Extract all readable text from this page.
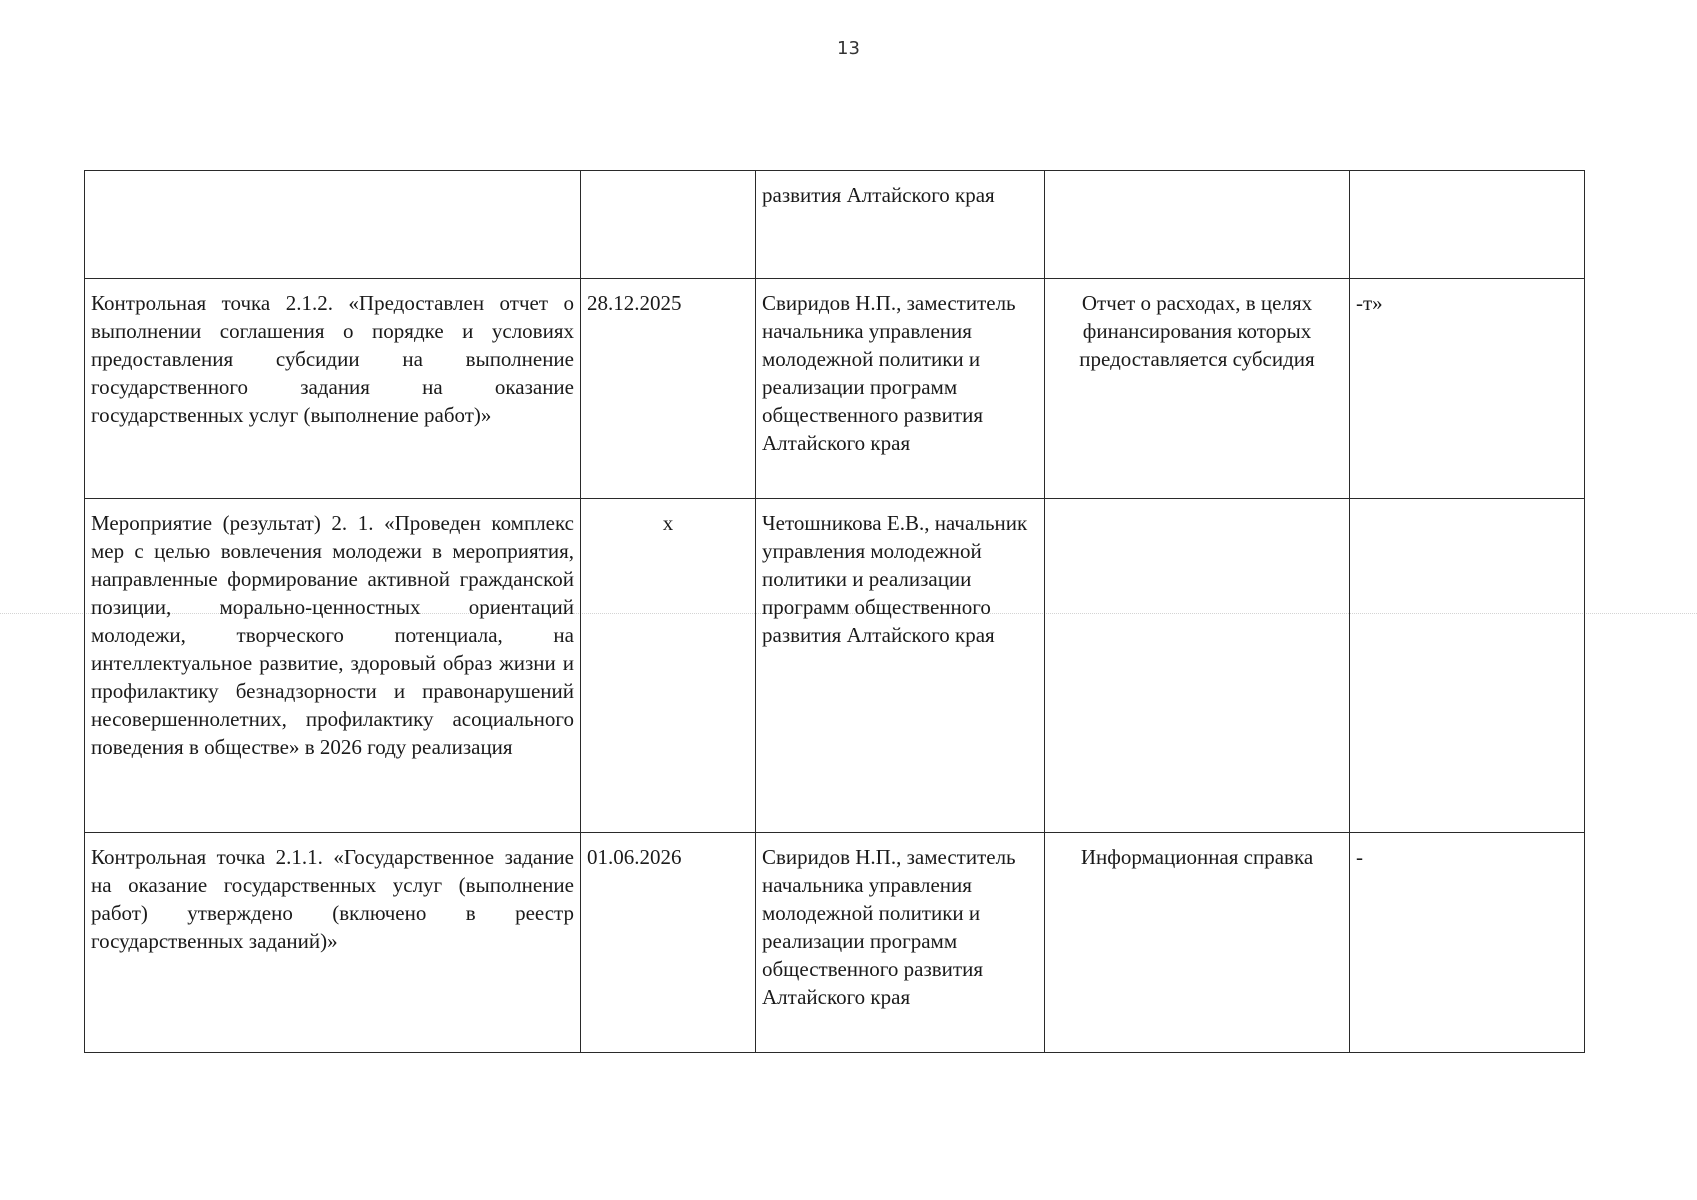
13
		развития Алтайского края		
Контрольная точка 2.1.2. «Предоставлен отчет о выполнении соглашения о порядке и условиях предоставления субсидии на выполнение государственного задания на оказание государственных услуг (выполнение работ)»	28.12.2025	Свиридов Н.П., заместитель начальника управления молодежной политики и реализации программ общественного развития Алтайского края	Отчет о расходах, в целях финансирования которых предоставляется субсидия	-т»
Мероприятие (результат) 2. 1. «Проведен комплекс мер с целью вовлечения молодежи в мероприятия, направленные формирование активной гражданской позиции, морально-ценностных ориентаций молодежи, творческого потенциала, на интеллектуальное развитие, здоровый образ жизни и профилактику безнадзорности и правонарушений несовершеннолетних, профилактику асоциального поведения в обществе» в 2026 году реализация	х	Четошникова Е.В., начальник управления молодежной политики и реализации программ общественного развития Алтайского края		
Контрольная точка 2.1.1. «Государственное задание на оказание государственных услуг (выполнение работ) утверждено (включено в реестр государственных заданий)»	01.06.2026	Свиридов Н.П., заместитель начальника управления молодежной политики и реализации программ общественного развития Алтайского края	Информационная справка	-
